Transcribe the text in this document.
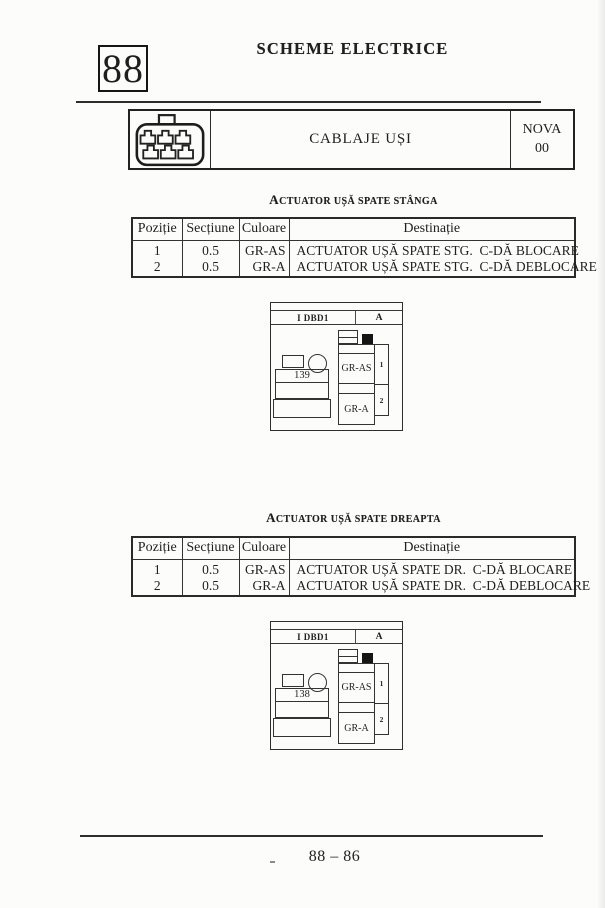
88	SCHEME ELECTRICE
CABLAJE UȘI
NOVA
00
ACTUATOR UȘĂ SPATE STÂNGA
Poziție	Secțiune	Culoare	Destinație
1	0.5	GR-AS	ACTUATOR UȘĂ SPATE STG.  C-DĂ BLOCARE
2	0.5	GR-A	ACTUATOR UȘĂ SPATE STG.  C-DĂ DEBLOCARE
I DBD1	A
139
GR-AS
GR-A
1
2
ACTUATOR UȘĂ SPATE DREAPTA
Poziție	Secțiune	Culoare	Destinație
1	0.5	GR-AS	ACTUATOR UȘĂ SPATE DR.  C-DĂ BLOCARE
2	0.5	GR-A	ACTUATOR UȘĂ SPATE DR.  C-DĂ DEBLOCARE
I DBD1	A
138
GR-AS
GR-A
1
2

88 – 86
